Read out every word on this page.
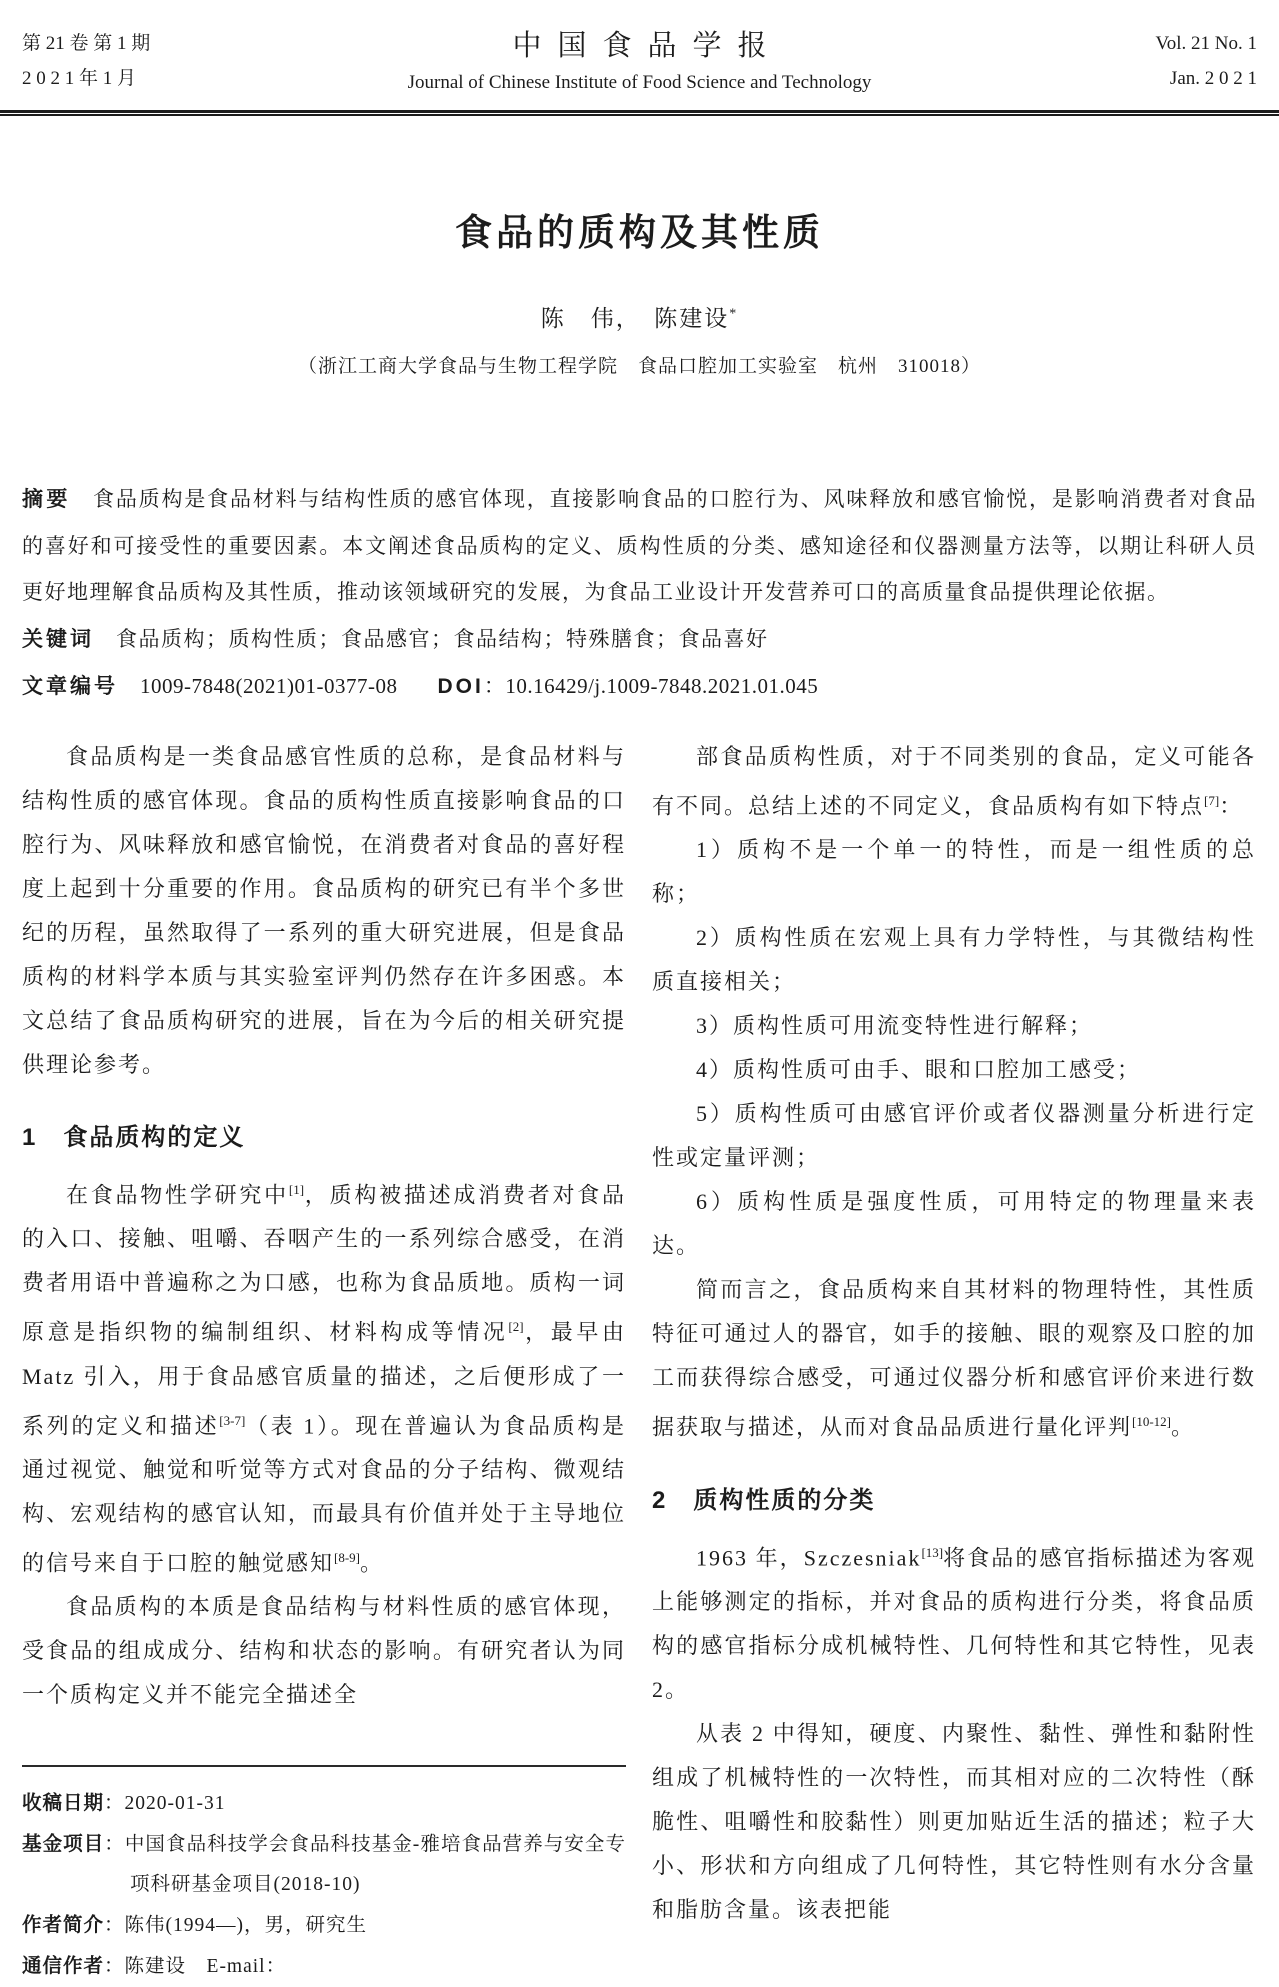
第 21 卷 第 1 期
2 0 2 1 年 1 月
中国食品学报
Journal of Chinese Institute of Food Science and Technology
Vol. 21 No. 1
Jan. 2 0 2 1
食品的质构及其性质
陈　伟，　陈建设*
（浙江工商大学食品与生物工程学院　食品口腔加工实验室　杭州　310018）
摘要 食品质构是食品材料与结构性质的感官体现，直接影响食品的口腔行为、风味释放和感官愉悦，是影响消费者对食品的喜好和可接受性的重要因素。本文阐述食品质构的定义、质构性质的分类、感知途径和仪器测量方法等，以期让科研人员更好地理解食品质构及其性质，推动该领域研究的发展，为食品工业设计开发营养可口的高质量食品提供理论依据。
关键词 食品质构；质构性质；食品感官；食品结构；特殊膳食；食品喜好
文章编号 1009-7848(2021)01-0377-08 DOI：10.16429/j.1009-7848.2021.01.045

食品质构是一类食品感官性质的总称，是食品材料与结构性质的感官体现。食品的质构性质直接影响食品的口腔行为、风味释放和感官愉悦，在消费者对食品的喜好程度上起到十分重要的作用。食品质构的研究已有半个多世纪的历程，虽然取得了一系列的重大研究进展，但是食品质构的材料学本质与其实验室评判仍然存在许多困惑。本文总结了食品质构研究的进展，旨在为今后的相关研究提供理论参考。

1　食品质构的定义

在食品物性学研究中[1]，质构被描述成消费者对食品的入口、接触、咀嚼、吞咽产生的一系列综合感受，在消费者用语中普遍称之为口感，也称为食品质地。质构一词原意是指织物的编制组织、材料构成等情况[2]，最早由 Matz 引入，用于食品感官质量的描述，之后便形成了一系列的定义和描述[3-7]（表 1）。现在普遍认为食品质构是通过视觉、触觉和听觉等方式对食品的分子结构、微观结构、宏观结构的感官认知，而最具有价值并处于主导地位的信号来自于口腔的触觉感知[8-9]。

食品质构的本质是食品结构与材料性质的感官体现，受食品的组成成分、结构和状态的影响。有研究者认为同一个质构定义并不能完全描述全

收稿日期：2020-01-31
基金项目：中国食品科技学会食品科技基金-雅培食品营养与安全专项科研基金项目(2018-10)
作者简介：陈伟(1994—)，男，研究生
通信作者：陈建设　E-mail：

部食品质构性质，对于不同类别的食品，定义可能各有不同。总结上述的不同定义，食品质构有如下特点[7]：

1）质构不是一个单一的特性，而是一组性质的总称；

2）质构性质在宏观上具有力学特性，与其微结构性质直接相关；

3）质构性质可用流变特性进行解释；

4）质构性质可由手、眼和口腔加工感受；

5）质构性质可由感官评价或者仪器测量分析进行定性或定量评测；

6）质构性质是强度性质，可用特定的物理量来表达。

简而言之，食品质构来自其材料的物理特性，其性质特征可通过人的器官，如手的接触、眼的观察及口腔的加工而获得综合感受，可通过仪器分析和感官评价来进行数据获取与描述，从而对食品品质进行量化评判[10-12]。

2　质构性质的分类

1963 年，Szczesniak[13]将食品的感官指标描述为客观上能够测定的指标，并对食品的质构进行分类，将食品质构的感官指标分成机械特性、几何特性和其它特性，见表 2。

从表 2 中得知，硬度、内聚性、黏性、弹性和黏附性组成了机械特性的一次特性，而其相对应的二次特性（酥脆性、咀嚼性和胶黏性）则更加贴近生活的描述；粒子大小、形状和方向组成了几何特性，其它特性则有水分含量和脂肪含量。该表把能
